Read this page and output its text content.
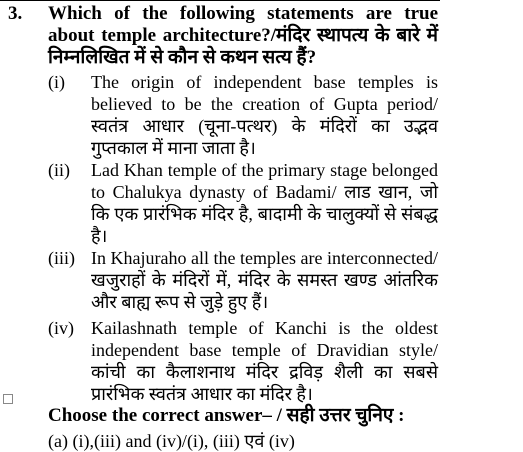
3. Which of the following statements are true about temple architecture?/मंदिर स्थापत्य के बारे में निम्नलिखित में से कौन से कथन सत्य हैं?
(i)	The origin of independent base temples is believed to be the creation of Gupta period/स्वतंत्र आधार (चूना-पत्थर) के मंदिरों का उद्भव गुप्तकाल में माना जाता है।
(ii)	Lad Khan temple of the primary stage belonged to Chalukya dynasty of Badami/ लाड खान, जो कि एक प्रारंभिक मंदिर है, बादामी के चालुक्यों से संबद्ध है।
(iii) In Khajuraho all the temples are interconnected/खजुराहों के मंदिरों में, मंदिर के समस्त खण्ड आंतरिक और बाह्य रूप से जुड़े हुए हैं।
(iv) Kailashnath temple of Kanchi is the oldest independent base temple of Dravidian style/ कांची का कैलाशनाथ मंदिर द्रविड़ शैली का सबसे प्रारंभिक स्वतंत्र आधार का मंदिर है।
Choose the correct answer– / सही उत्तर चुनिए :
(a) (i),(iii) and (iv)/(i), (iii) एवं (iv)
